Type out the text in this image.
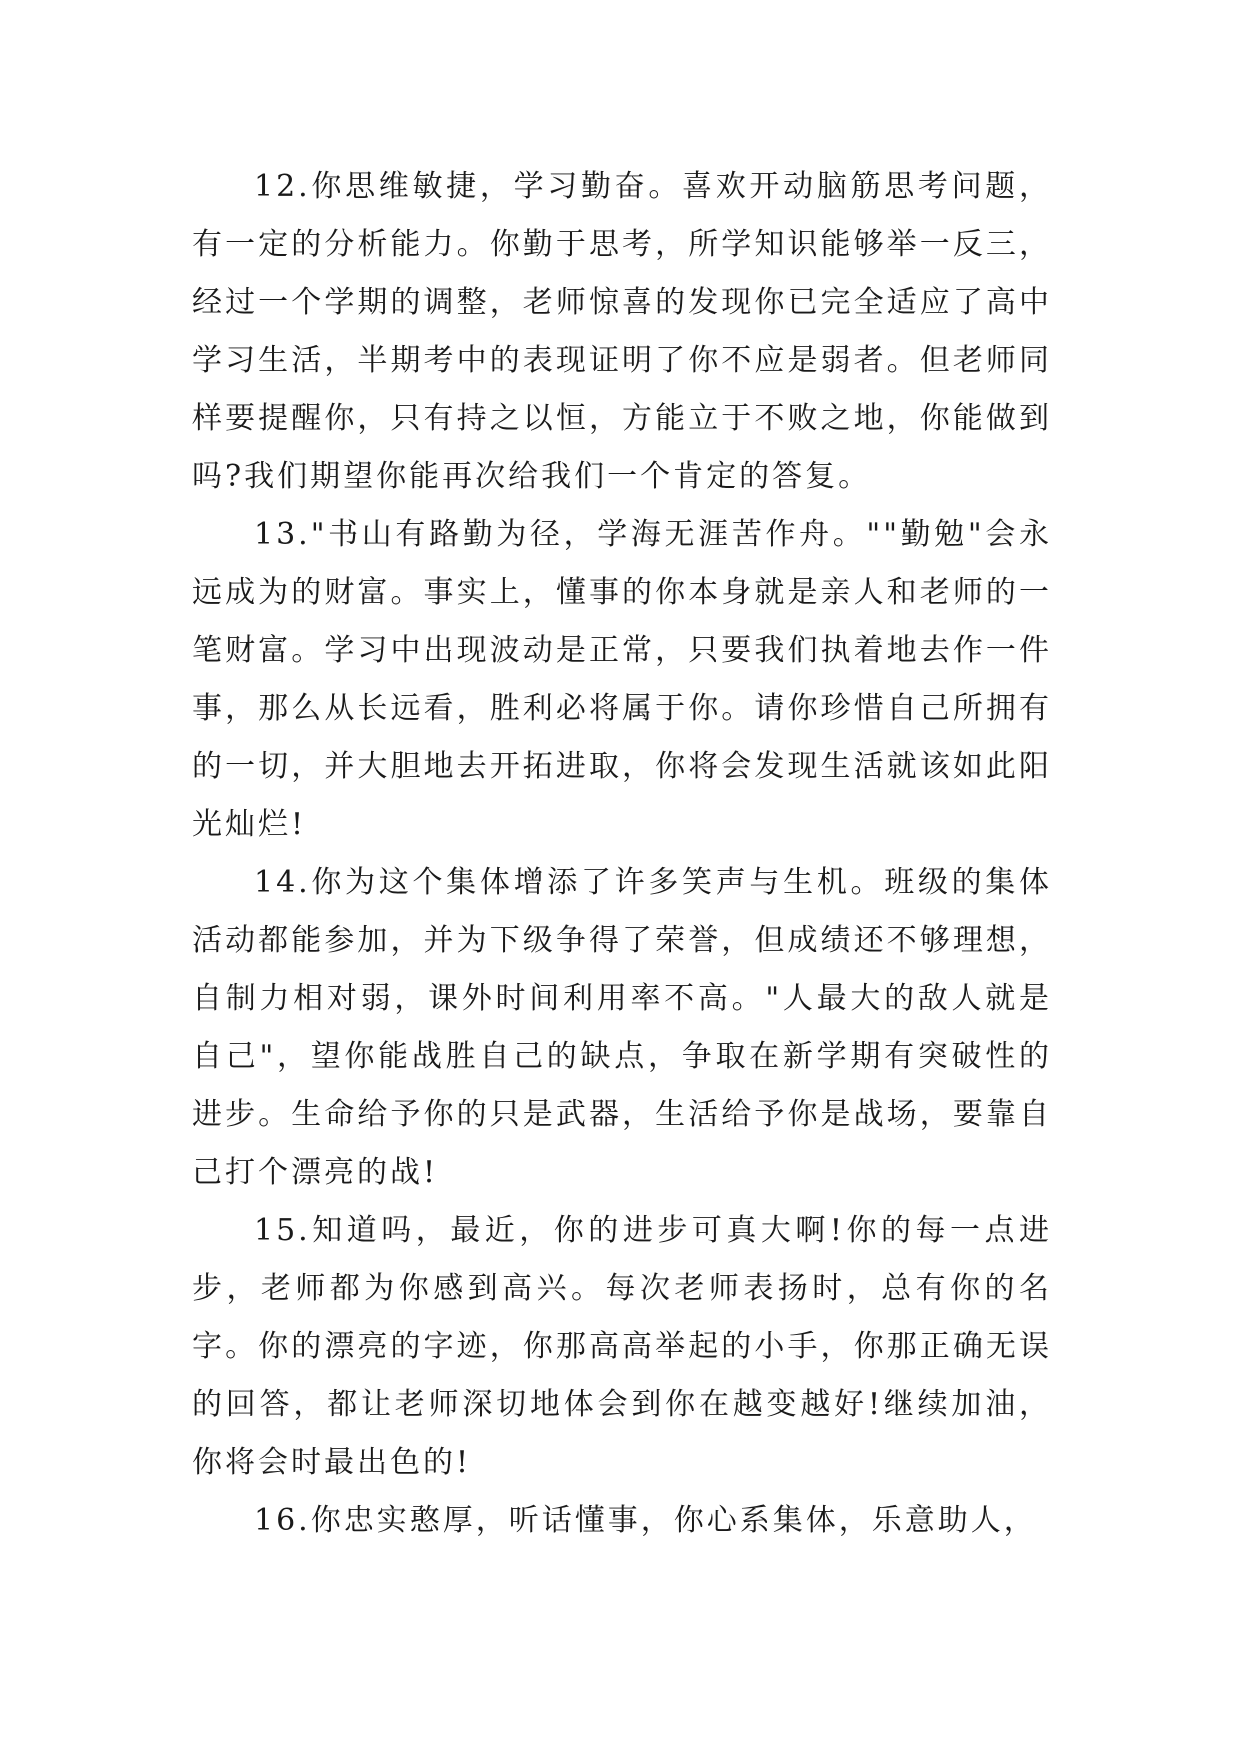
12.你思维敏捷，学习勤奋。喜欢开动脑筋思考问题，有一定的分析能力。你勤于思考，所学知识能够举一反三，经过一个学期的调整，老师惊喜的发现你已完全适应了高中学习生活，半期考中的表现证明了你不应是弱者。但老师同样要提醒你，只有持之以恒，方能立于不败之地，你能做到吗?我们期望你能再次给我们一个肯定的答复。

13."书山有路勤为径，学海无涯苦作舟。""勤勉"会永远成为的财富。事实上，懂事的你本身就是亲人和老师的一笔财富。学习中出现波动是正常，只要我们执着地去作一件事，那么从长远看，胜利必将属于你。请你珍惜自己所拥有的一切，并大胆地去开拓进取，你将会发现生活就该如此阳光灿烂!

14.你为这个集体增添了许多笑声与生机。班级的集体活动都能参加，并为下级争得了荣誉，但成绩还不够理想，自制力相对弱，课外时间利用率不高。"人最大的敌人就是自己"，望你能战胜自己的缺点，争取在新学期有突破性的进步。生命给予你的只是武器，生活给予你是战场，要靠自己打个漂亮的战!

15.知道吗，最近，你的进步可真大啊!你的每一点进步，老师都为你感到高兴。每次老师表扬时，总有你的名字。你的漂亮的字迹，你那高高举起的小手，你那正确无误的回答，都让老师深切地体会到你在越变越好!继续加油，你将会时最出色的!

16.你忠实憨厚，听话懂事，你心系集体，乐意助人，
